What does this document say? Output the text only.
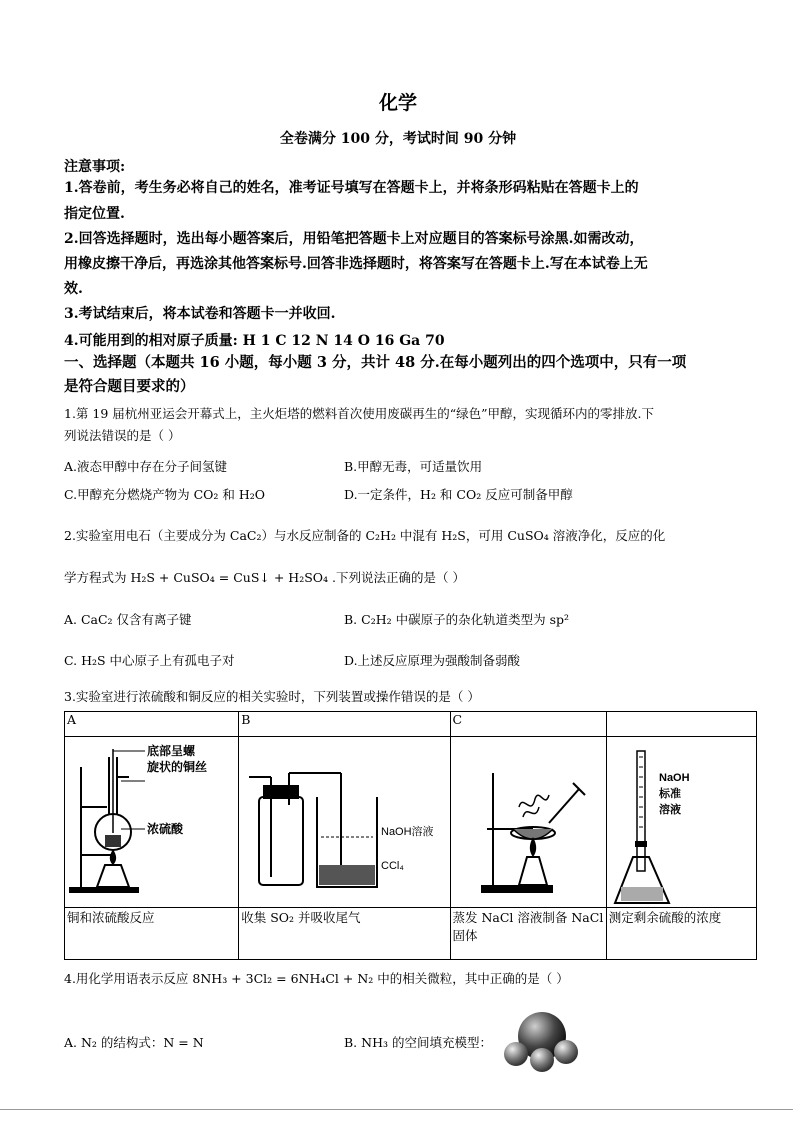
化学
全卷满分 100 分，考试时间 90 分钟
注意事项:
1.答卷前，考生务必将自己的姓名，准考证号填写在答题卡上，并将条形码粘贴在答题卡上的
指定位置.
2.回答选择题时，选出每小题答案后，用铅笔把答题卡上对应题目的答案标号涂黑.如需改动，
用橡皮擦干净后，再选涂其他答案标号.回答非选择题时，将答案写在答题卡上.写在本试卷上无
效.
3.考试结束后，将本试卷和答题卡一并收回.
4.可能用到的相对原子质量: H 1 C 12 N 14 O 16 Ga 70
一、选择题（本题共 16 小题，每小题 3 分，共计 48 分.在每小题列出的四个选项中，只有一项
是符合题目要求的）
1.第 19 届杭州亚运会开幕式上，主火炬塔的燃料首次使用废碳再生的“绿色”甲醇，实现循环内的零排放.下
列说法错误的是（ ）
A.液态甲醇中存在分子间氢键	B.甲醇无毒，可适量饮用
C.甲醇充分燃烧产物为 CO₂ 和 H₂O	D.一定条件，H₂ 和 CO₂ 反应可制备甲醇
2.实验室用电石（主要成分为 CaC₂）与水反应制备的 C₂H₂ 中混有 H₂S，可用 CuSO₄ 溶液净化，反应的化
学方程式为 H₂S + CuSO₄ = CuS↓ + H₂SO₄ .下列说法正确的是（ ）
A. CaC₂ 仅含有离子键	B. C₂H₂ 中碳原子的杂化轨道类型为 sp²
C. H₂S 中心原子上有孤电子对	D.上述反应原理为强酸制备弱酸
3.实验室进行浓硫酸和铜反应的相关实验时，下列装置或操作错误的是（ ）
A	B	C	

底部呈螺
旋状的铜丝
浓硫酸	NaOH溶液
CCl₄		NaOH
标准
溶液

铜和浓硫酸反应	收集 SO₂ 并吸收尾气	蒸发 NaCl 溶液制备 NaCl 固体	测定剩余硫酸的浓度
4.用化学用语表示反应 8NH₃ + 3Cl₂ = 6NH₄Cl + N₂ 中的相关微粒，其中正确的是（ ）
A. N₂ 的结构式：N = N	B. NH₃ 的空间填充模型：
